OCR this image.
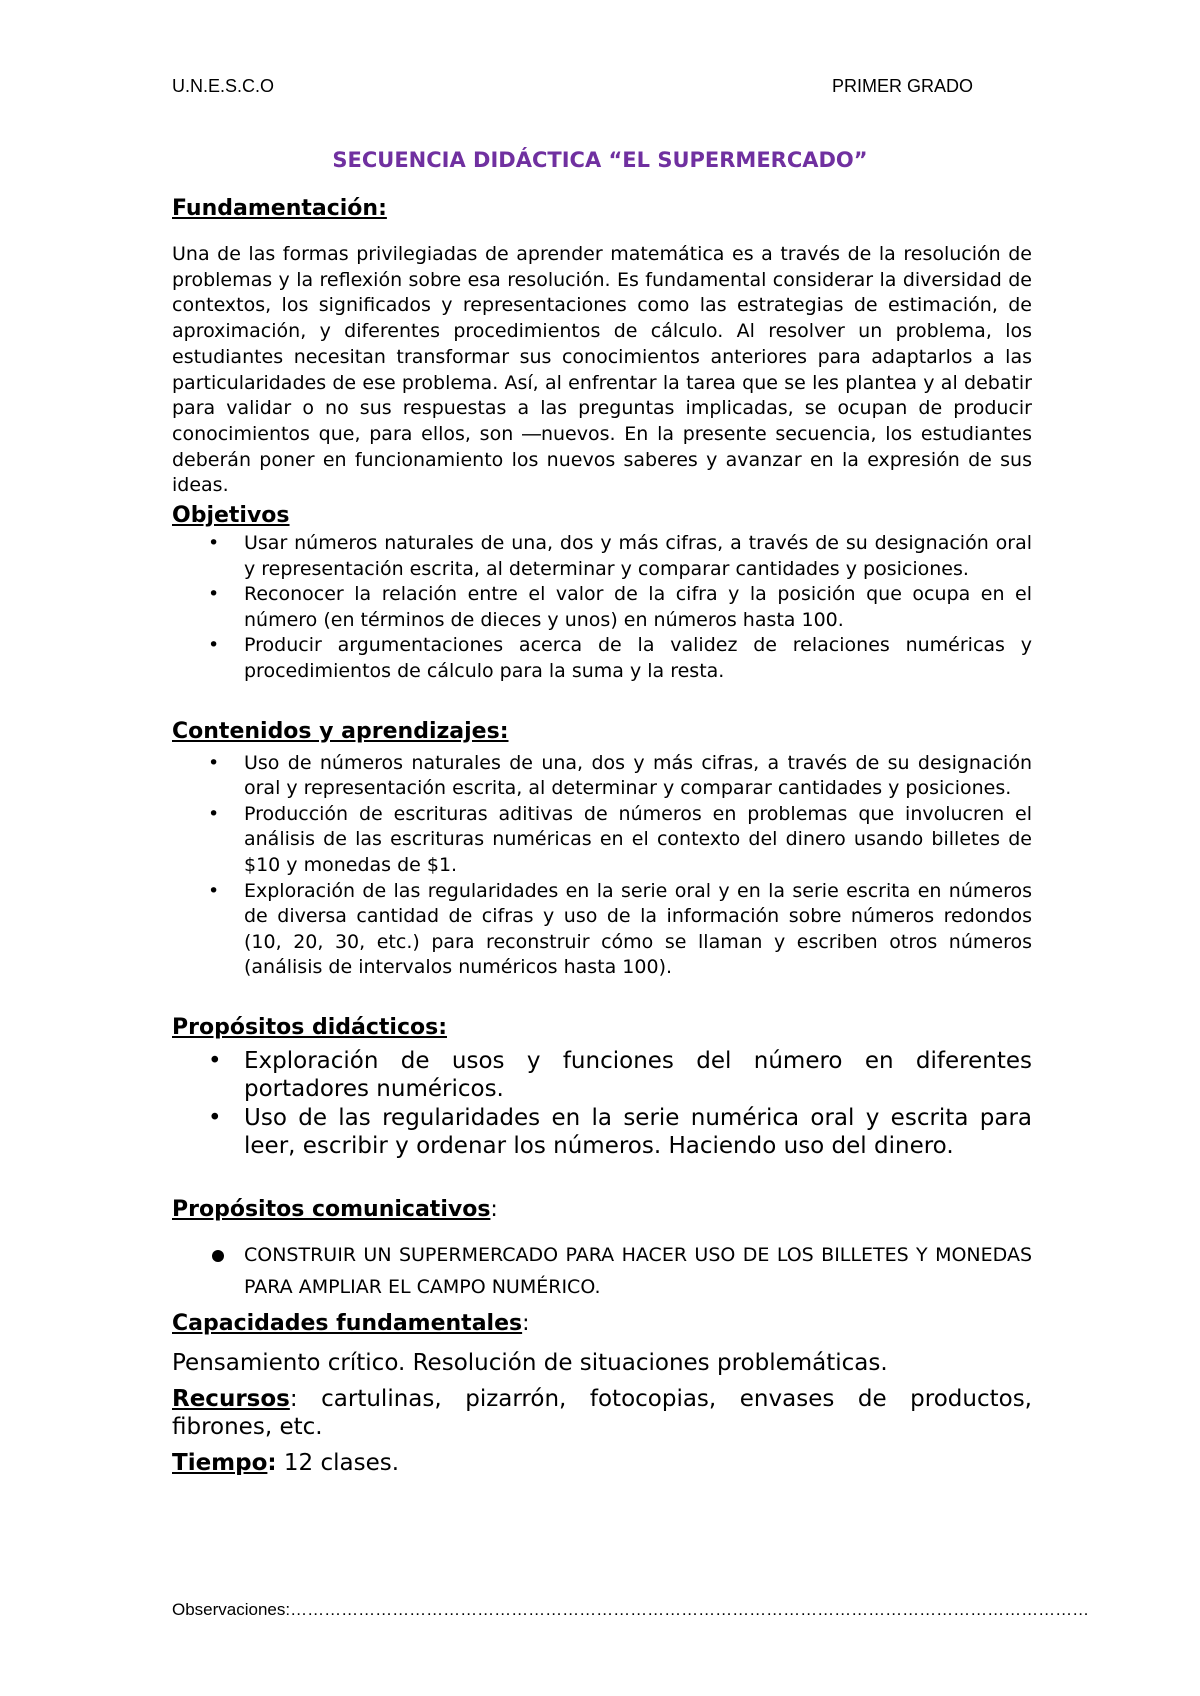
U.N.E.S.C.O	PRIMER GRADO
SECUENCIA DIDÁCTICA “EL SUPERMERCADO”

Fundamentación:

Una de las formas privilegiadas de aprender matemática es a través de la resolución de problemas y la reflexión sobre esa resolución. Es fundamental considerar la diversidad de contextos, los significados y representaciones como las estrategias de estimación, de aproximación, y diferentes procedimientos de cálculo. Al resolver un problema, los estudiantes necesitan transformar sus conocimientos anteriores para adaptarlos a las particularidades de ese problema. Así, al enfrentar la tarea que se les plantea y al debatir para validar o no sus respuestas a las preguntas implicadas, se ocupan de producir conocimientos que, para ellos, son ―nuevos. En la presente secuencia, los estudiantes deberán poner en funcionamiento los nuevos saberes y avanzar en la expresión de sus ideas.

Objetivos

• Usar números naturales de una, dos y más cifras, a través de su designación oral y representación escrita, al determinar y comparar cantidades y posiciones.
• Reconocer la relación entre el valor de la cifra y la posición que ocupa en el número (en términos de dieces y unos) en números hasta 100.
• Producir argumentaciones acerca de la validez de relaciones numéricas y procedimientos de cálculo para la suma y la resta.

Contenidos y aprendizajes:

• Uso de números naturales de una, dos y más cifras, a través de su designación oral y representación escrita, al determinar y comparar cantidades y posiciones.
• Producción de escrituras aditivas de números en problemas que involucren el análisis de las escrituras numéricas en el contexto del dinero usando billetes de $10 y monedas de $1.
• Exploración de las regularidades en la serie oral y en la serie escrita en números de diversa cantidad de cifras y uso de la información sobre números redondos (10, 20, 30, etc.) para reconstruir cómo se llaman y escriben otros números (análisis de intervalos numéricos hasta 100).

Propósitos didácticos:

• Exploración de usos y funciones del número en diferentes portadores numéricos.
• Uso de las regularidades en la serie numérica oral y escrita para leer, escribir y ordenar los números. Haciendo uso del dinero.

Propósitos comunicativos:

CONSTRUIR UN SUPERMERCADO PARA HACER USO DE LOS BILLETES Y MONEDAS PARA AMPLIAR EL CAMPO NUMÉRICO.

Capacidades fundamentales:

Pensamiento crítico. Resolución de situaciones problemáticas.

Recursos: cartulinas, pizarrón, fotocopias, envases de productos, fibrones, etc.

Tiempo: 12 clases.

Observaciones:……………………………………………………………………………………………………………………………
